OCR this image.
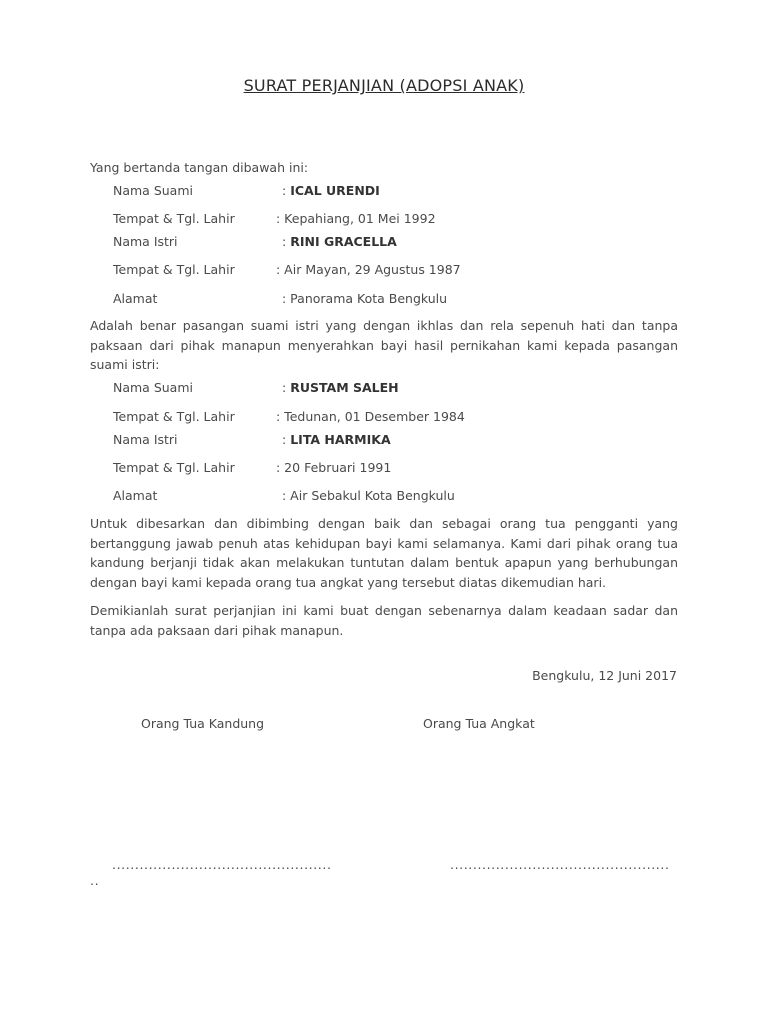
SURAT PERJANJIAN (ADOPSI ANAK)
Yang bertanda tangan dibawah ini:
Nama Suami	: ICAL URENDI
Tempat & Tgl. Lahir	: Kepahiang, 01 Mei 1992
Nama Istri	: RINI GRACELLA
Tempat & Tgl. Lahir	: Air Mayan, 29 Agustus 1987
Alamat	: Panorama Kota Bengkulu
Adalah benar pasangan suami istri yang dengan ikhlas dan rela sepenuh hati dan tanpa paksaan dari pihak manapun menyerahkan bayi hasil pernikahan kami kepada pasangan suami istri:
Nama Suami	: RUSTAM SALEH
Tempat & Tgl. Lahir	: Tedunan, 01 Desember 1984
Nama Istri	: LITA HARMIKA
Tempat & Tgl. Lahir	: 20 Februari 1991
Alamat	: Air Sebakul Kota Bengkulu
Untuk dibesarkan dan dibimbing dengan baik dan sebagai orang tua pengganti yang bertanggung jawab penuh atas kehidupan bayi kami selamanya. Kami dari pihak orang tua kandung berjanji tidak akan melakukan tuntutan dalam bentuk apapun yang berhubungan dengan bayi kami kepada orang tua angkat yang tersebut diatas dikemudian hari.
Demikianlah surat perjanjian ini kami buat dengan sebenarnya dalam keadaan sadar dan tanpa ada paksaan dari pihak manapun.
Bengkulu, 12 Juni 2017
Orang Tua Kandung	Orang Tua Angkat
................................................
..
................................................
